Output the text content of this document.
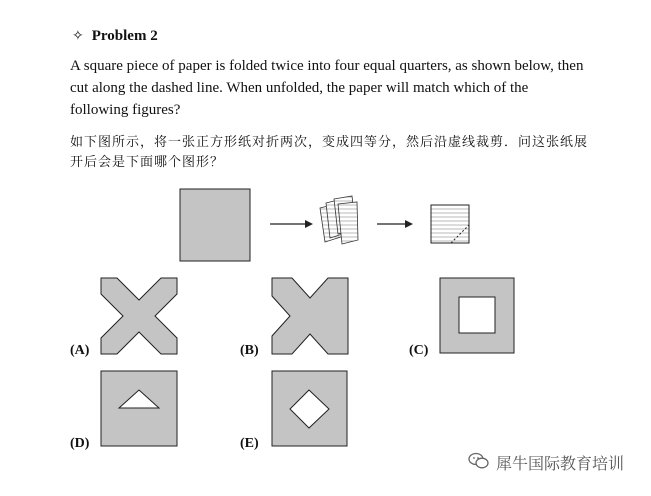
✧ Problem 2
A square piece of paper is folded twice into four equal quarters, as shown below, then cut along the dashed line. When unfolded, the paper will match which of the following figures?
如下图所示，将一张正方形纸对折两次，变成四等分，然后沿虚线裁剪．问这张纸展开后会是下面哪个图形？
(A)	(B)	(C)
(D)	(E)
犀牛国际教育培训
